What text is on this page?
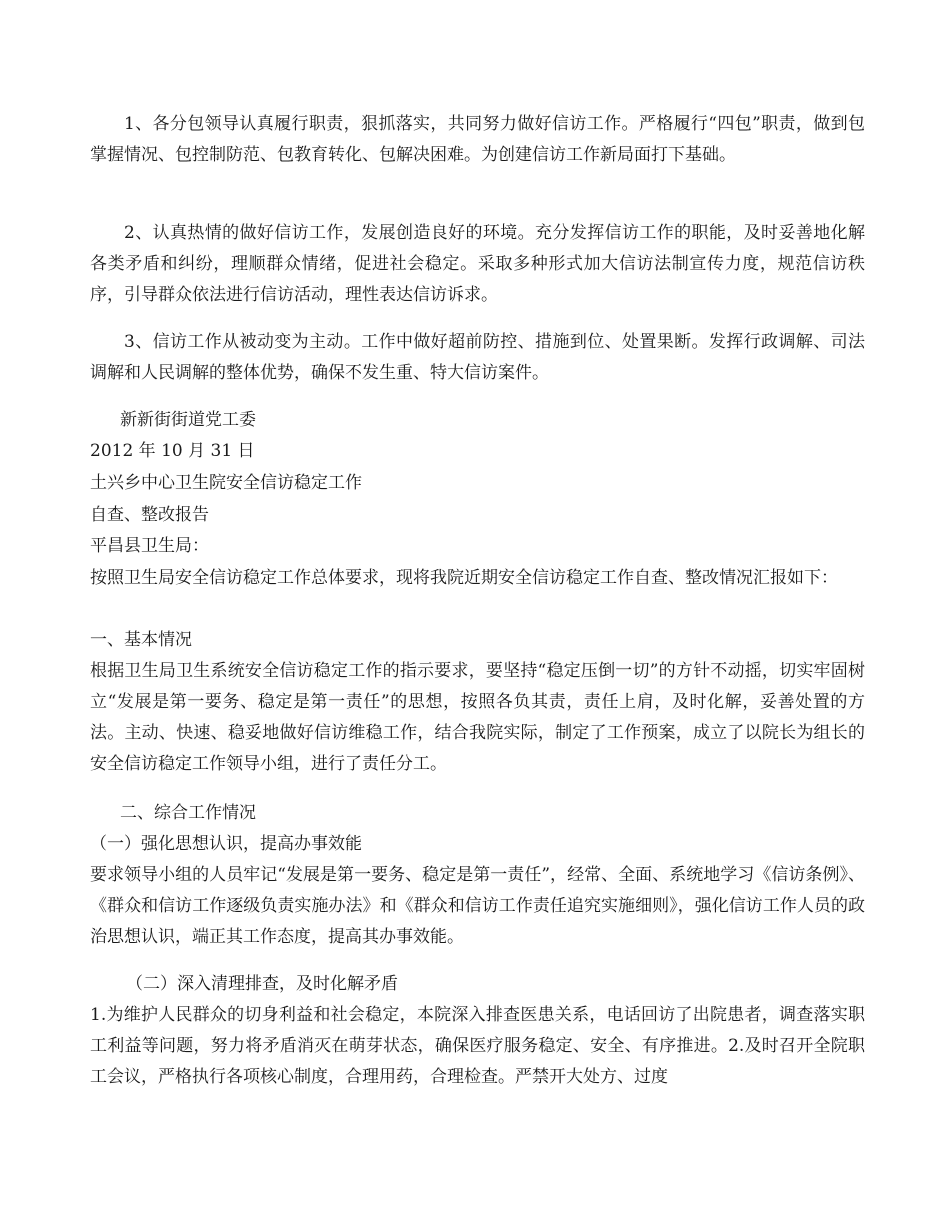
1、各分包领导认真履行职责，狠抓落实，共同努力做好信访工作。严格履行“四包”职责，做到包掌握情况、包控制防范、包教育转化、包解决困难。为创建信访工作新局面打下基础。

2、认真热情的做好信访工作，发展创造良好的环境。充分发挥信访工作的职能，及时妥善地化解各类矛盾和纠纷，理顺群众情绪，促进社会稳定。采取多种形式加大信访法制宣传力度，规范信访秩序，引导群众依法进行信访活动，理性表达信访诉求。

3、信访工作从被动变为主动。工作中做好超前防控、措施到位、处置果断。发挥行政调解、司法调解和人民调解的整体优势，确保不发生重、特大信访案件。

新新街街道党工委
2012 年 10 月 31 日
土兴乡中心卫生院安全信访稳定工作
自查、整改报告
平昌县卫生局：

按照卫生局安全信访稳定工作总体要求，现将我院近期安全信访稳定工作自查、整改情况汇报如下：

一、基本情况

根据卫生局卫生系统安全信访稳定工作的指示要求，要坚持“稳定压倒一切”的方针不动摇，切实牢固树立“发展是第一要务、稳定是第一责任”的思想，按照各负其责，责任上肩，及时化解，妥善处置的方法。主动、快速、稳妥地做好信访维稳工作，结合我院实际，制定了工作预案，成立了以院长为组长的安全信访稳定工作领导小组，进行了责任分工。

二、综合工作情况
（一）强化思想认识，提高办事效能

要求领导小组的人员牢记“发展是第一要务、稳定是第一责任”，经常、全面、系统地学习《信访条例》、《群众和信访工作逐级负责实施办法》和《群众和信访工作责任追究实施细则》，强化信访工作人员的政治思想认识，端正其工作态度，提高其办事效能。

（二）深入清理排查，及时化解矛盾

1.为维护人民群众的切身利益和社会稳定，本院深入排查医患关系，电话回访了出院患者，调查落实职工利益等问题，努力将矛盾消灭在萌芽状态，确保医疗服务稳定、安全、有序推进。2.及时召开全院职工会议，严格执行各项核心制度，合理用药，合理检查。严禁开大处方、过度
